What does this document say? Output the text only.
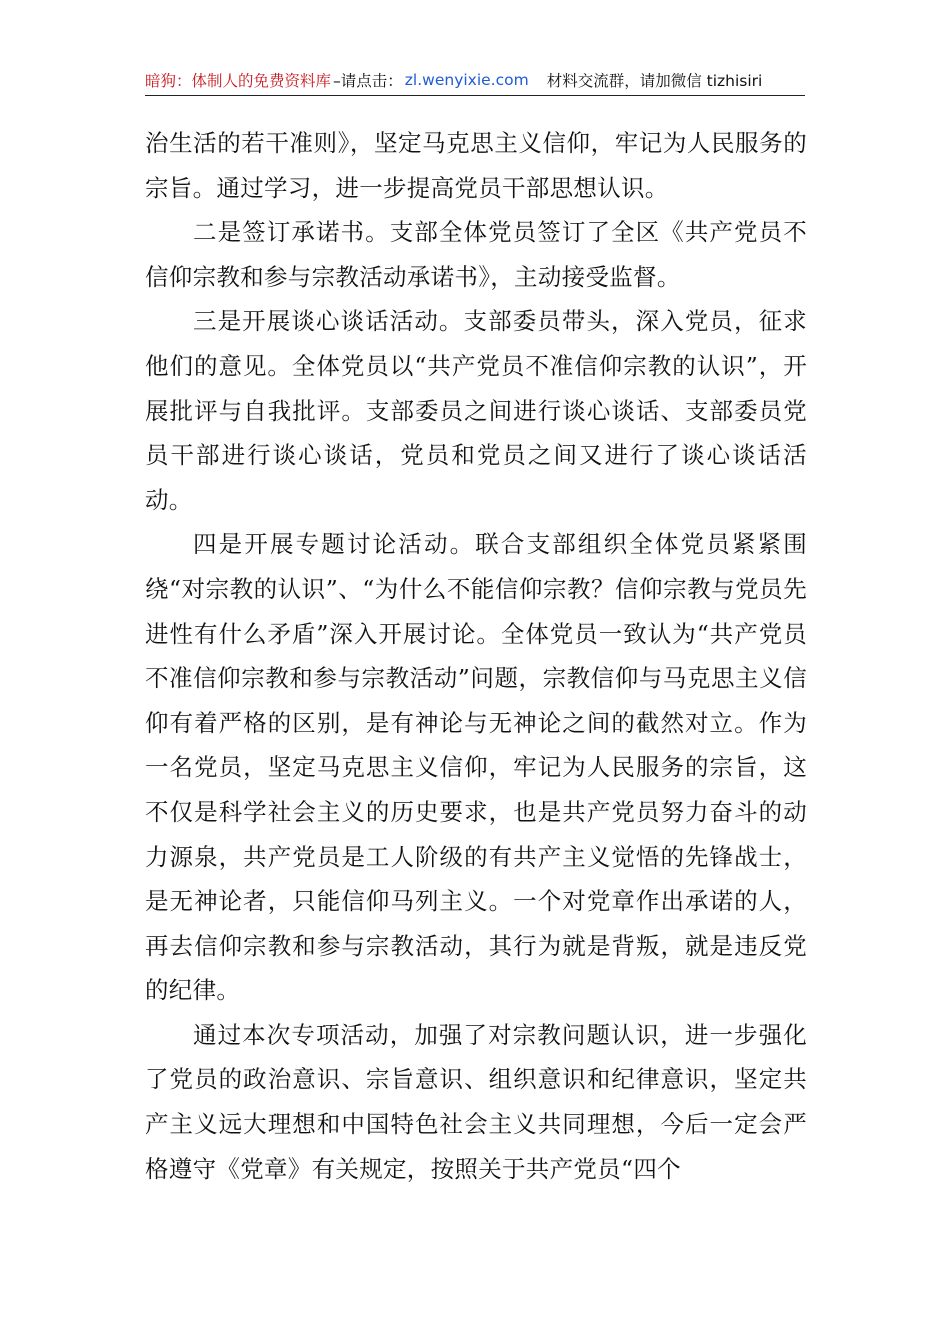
暗狗：体制人的免费资料库 –请点击： zl.wenyixie.com 材料交流群，请加微信 tizhisiri

治生活的若干准则》，坚定马克思主义信仰，牢记为人民服务的宗旨。通过学习，进一步提高党员干部思想认识。

二是签订承诺书。支部全体党员签订了全区《共产党员不信仰宗教和参与宗教活动承诺书》，主动接受监督。

三是开展谈心谈话活动。支部委员带头，深入党员，征求他们的意见。全体党员以“共产党员不准信仰宗教的认识”，开展批评与自我批评。支部委员之间进行谈心谈话、支部委员党员干部进行谈心谈话，党员和党员之间又进行了谈心谈话活动。

四是开展专题讨论活动。联合支部组织全体党员紧紧围绕“对宗教的认识”、“为什么不能信仰宗教？信仰宗教与党员先进性有什么矛盾”深入开展讨论。全体党员一致认为“共产党员不准信仰宗教和参与宗教活动”问题，宗教信仰与马克思主义信仰有着严格的区别，是有神论与无神论之间的截然对立。作为一名党员，坚定马克思主义信仰，牢记为人民服务的宗旨，这不仅是科学社会主义的历史要求，也是共产党员努力奋斗的动力源泉，共产党员是工人阶级的有共产主义觉悟的先锋战士，是无神论者，只能信仰马列主义。一个对党章作出承诺的人，再去信仰宗教和参与宗教活动，其行为就是背叛，就是违反党的纪律。

通过本次专项活动，加强了对宗教问题认识，进一步强化了党员的政治意识、宗旨意识、组织意识和纪律意识，坚定共产主义远大理想和中国特色社会主义共同理想，今后一定会严格遵守《党章》有关规定，按照关于共产党员“四个
